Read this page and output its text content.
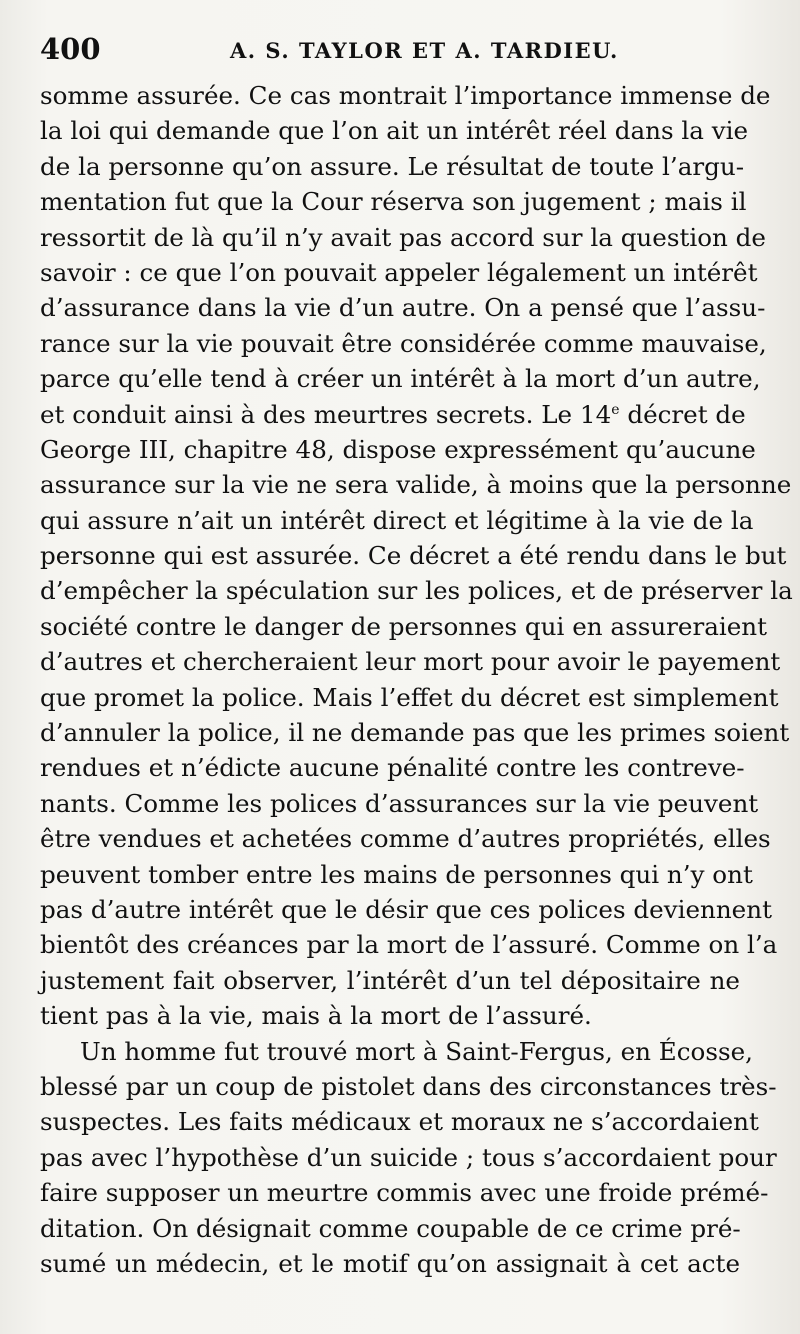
400	A. S. TAYLOR ET A. TARDIEU.
somme assurée. Ce cas montrait l’importance immense de
la loi qui demande que l’on ait un intérêt réel dans la vie
de la personne qu’on assure. Le résultat de toute l’argu-
mentation fut que la Cour réserva son jugement ; mais il
ressortit de là qu’il n’y avait pas accord sur la question de
savoir : ce que l’on pouvait appeler légalement un intérêt
d’assurance dans la vie d’un autre. On a pensé que l’assu-
rance sur la vie pouvait être considérée comme mauvaise,
parce qu’elle tend à créer un intérêt à la mort d’un autre,
et conduit ainsi à des meurtres secrets. Le 14e décret de
George III, chapitre 48, dispose expressément qu’aucune
assurance sur la vie ne sera valide, à moins que la personne
qui assure n’ait un intérêt direct et légitime à la vie de la
personne qui est assurée. Ce décret a été rendu dans le but
d’empêcher la spéculation sur les polices, et de préserver la
société contre le danger de personnes qui en assureraient
d’autres et chercheraient leur mort pour avoir le payement
que promet la police. Mais l’effet du décret est simplement
d’annuler la police, il ne demande pas que les primes soient
rendues et n’édicte aucune pénalité contre les contreve-
nants. Comme les polices d’assurances sur la vie peuvent
être vendues et achetées comme d’autres propriétés, elles
peuvent tomber entre les mains de personnes qui n’y ont
pas d’autre intérêt que le désir que ces polices deviennent
bientôt des créances par la mort de l’assuré. Comme on l’a
justement fait observer, l’intérêt d’un tel dépositaire ne
tient pas à la vie, mais à la mort de l’assuré.
Un homme fut trouvé mort à Saint-Fergus, en Écosse,
blessé par un coup de pistolet dans des circonstances très-
suspectes. Les faits médicaux et moraux ne s’accordaient
pas avec l’hypothèse d’un suicide ; tous s’accordaient pour
faire supposer un meurtre commis avec une froide prémé-
ditation. On désignait comme coupable de ce crime pré-
sumé un médecin, et le motif qu’on assignait à cet acte
